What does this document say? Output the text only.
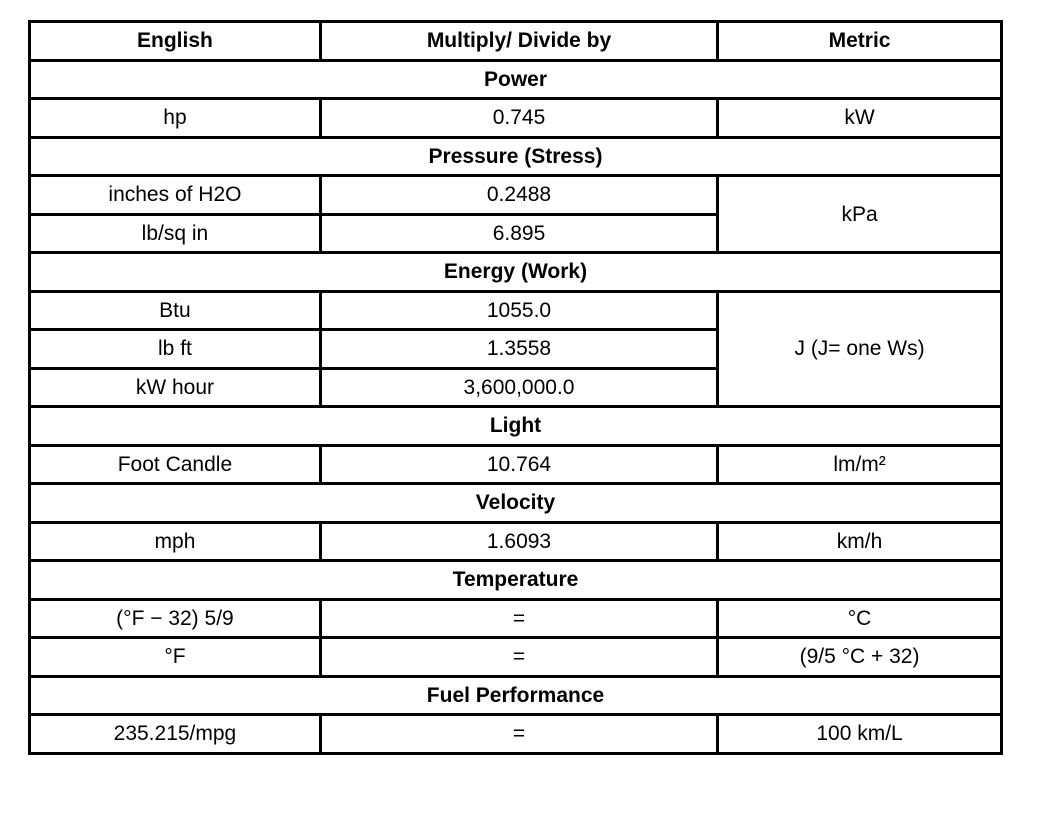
English	Multiply/ Divide by	Metric
Power		
hp	0.745	kW
Pressure (Stress)		
inches of H2O	0.2488	kPa
lb/sq in	6.895	
Energy (Work)		
Btu	1055.0	J (J= one Ws)
lb ft	1.3558	
kW hour	3,600,000.0	
Light		
Foot Candle	10.764	lm/m²
Velocity		
mph	1.6093	km/h
Temperature		
(°F − 32) 5/9	=	°C
°F	=	(9/5 °C + 32)
Fuel Performance		
235.215/mpg	=	100 km/L
